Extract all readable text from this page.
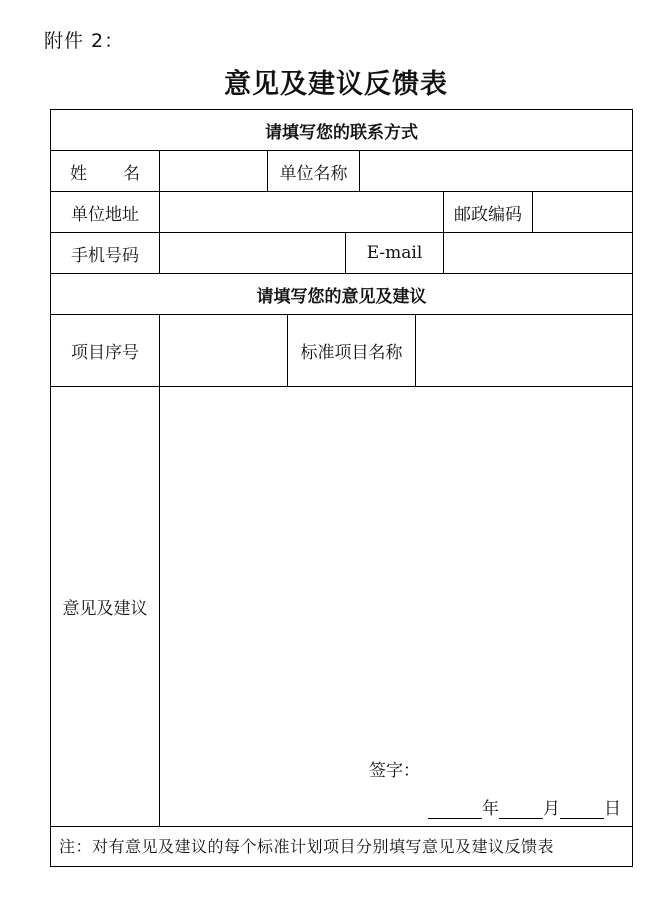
附件 2：
意见及建议反馈表
请填写您的联系方式
姓名	单位名称
单位地址	邮政编码
手机号码	E-mail
请填写您的意见及建议
项目序号	标准项目名称
意见及建议
签字：
年	月	日
注：对有意见及建议的每个标准计划项目分别填写意见及建议反馈表
